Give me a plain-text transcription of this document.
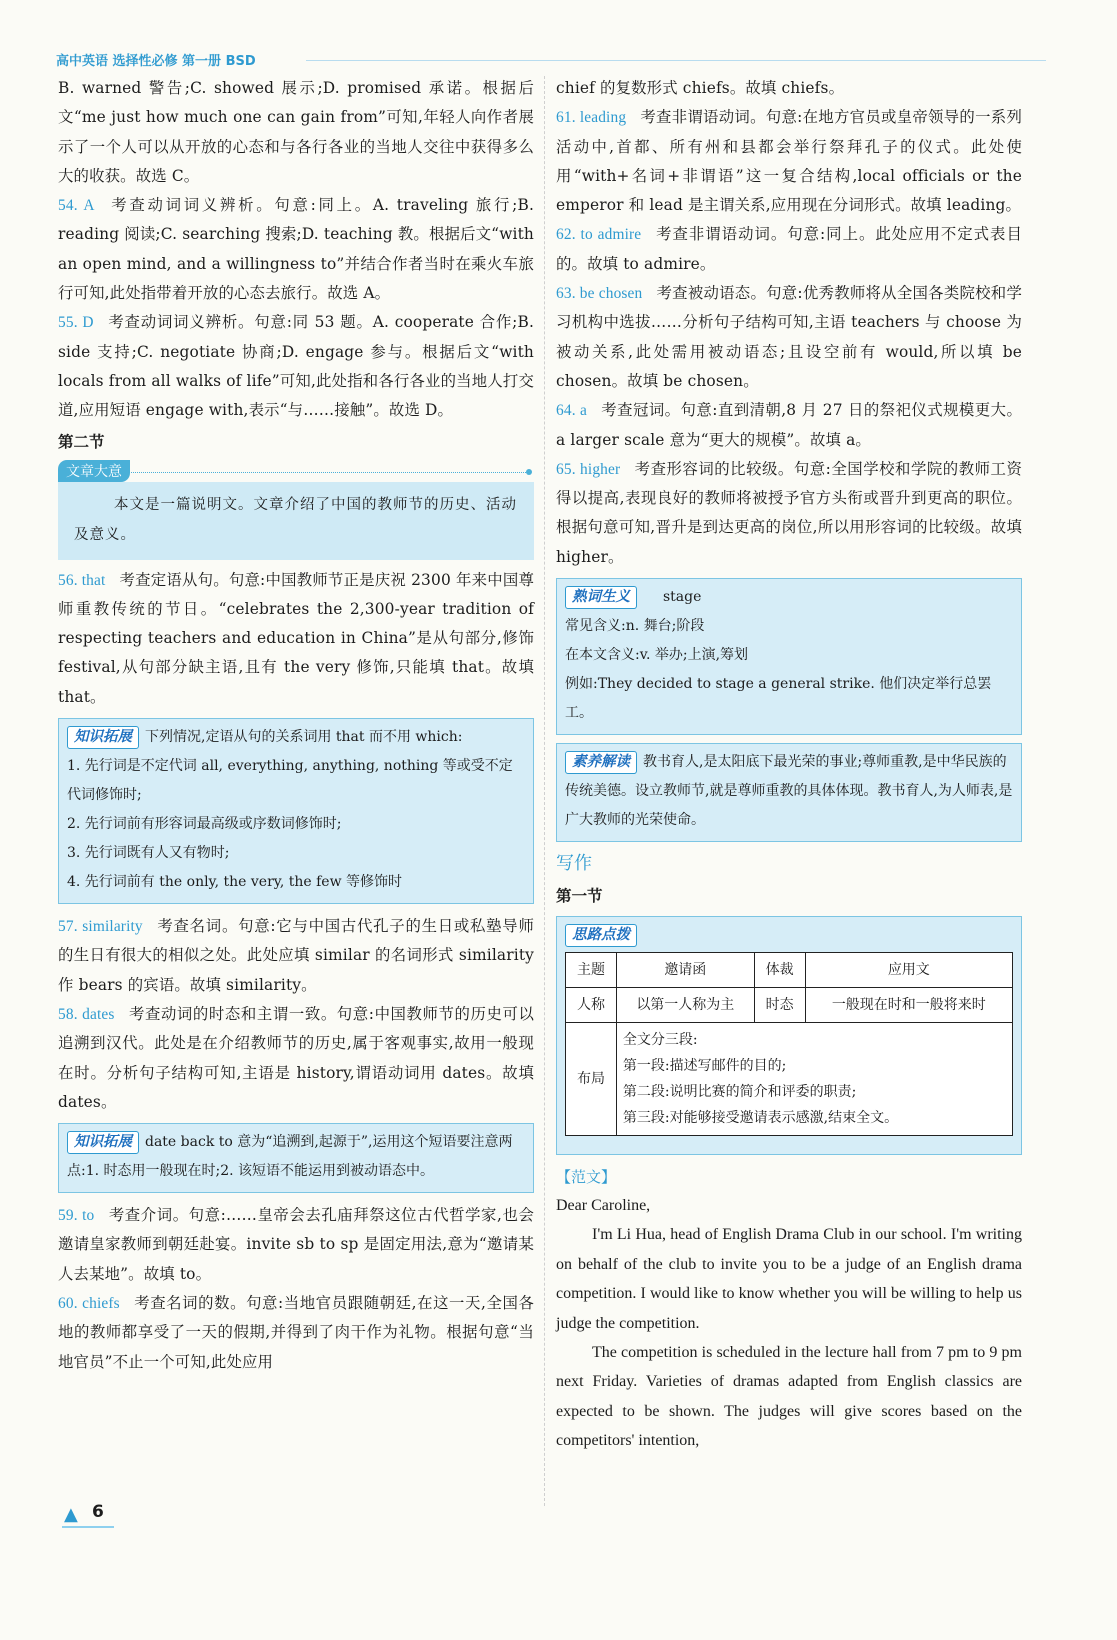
高中英语 选择性必修 第一册 BSD

B. warned 警告;C. showed 展示;D. promised 承诺。根据后文“me just how much one can gain from”可知,年轻人向作者展示了一个人可以从开放的心态和与各行各业的当地人交往中获得多么大的收获。故选 C。

54. A 考查动词词义辨析。句意:同上。A. traveling 旅行;B. reading 阅读;C. searching 搜索;D. teaching 教。根据后文“with an open mind, and a willingness to”并结合作者当时在乘火车旅行可知,此处指带着开放的心态去旅行。故选 A。

55. D 考查动词词义辨析。句意:同 53 题。A. cooperate 合作;B. side 支持;C. negotiate 协商;D. engage 参与。根据后文“with locals from all walks of life”可知,此处指和各行各业的当地人打交道,应用短语 engage with,表示“与……接触”。故选 D。

第二节
文章大意
本文是一篇说明文。文章介绍了中国的教师节的历史、活动及意义。

56. that 考查定语从句。句意:中国教师节正是庆祝 2300 年来中国尊师重教传统的节日。“celebrates the 2,300-year tradition of respecting teachers and education in China”是从句部分,修饰 festival,从句部分缺主语,且有 the very 修饰,只能填 that。故填 that。

知识拓展 下列情况,定语从句的关系词用 that 而不用 which:
1. 先行词是不定代词 all, everything, anything, nothing 等或受不定代词修饰时;
2. 先行词前有形容词最高级或序数词修饰时;
3. 先行词既有人又有物时;
4. 先行词前有 the only, the very, the few 等修饰时

57. similarity 考查名词。句意:它与中国古代孔子的生日或私塾导师的生日有很大的相似之处。此处应填 similar 的名词形式 similarity 作 bears 的宾语。故填 similarity。

58. dates 考查动词的时态和主谓一致。句意:中国教师节的历史可以追溯到汉代。此处是在介绍教师节的历史,属于客观事实,故用一般现在时。分析句子结构可知,主语是 history,谓语动词用 dates。故填 dates。

知识拓展 date back to 意为“追溯到,起源于”,运用这个短语要注意两点:1. 时态用一般现在时;2. 该短语不能运用到被动语态中。

59. to 考查介词。句意:……皇帝会去孔庙拜祭这位古代哲学家,也会邀请皇家教师到朝廷赴宴。invite sb to sp 是固定用法,意为“邀请某人去某地”。故填 to。

60. chiefs 考查名词的数。句意:当地官员跟随朝廷,在这一天,全国各地的教师都享受了一天的假期,并得到了肉干作为礼物。根据句意“当地官员”不止一个可知,此处应用

chief 的复数形式 chiefs。故填 chiefs。

61. leading 考查非谓语动词。句意:在地方官员或皇帝领导的一系列活动中,首都、所有州和县都会举行祭拜孔子的仪式。此处使用“with+名词+非谓语”这一复合结构,local officials or the emperor 和 lead 是主谓关系,应用现在分词形式。故填 leading。

62. to admire 考查非谓语动词。句意:同上。此处应用不定式表目的。故填 to admire。

63. be chosen 考查被动语态。句意:优秀教师将从全国各类院校和学习机构中选拔……分析句子结构可知,主语 teachers 与 choose 为被动关系,此处需用被动语态;且设空前有 would,所以填 be chosen。故填 be chosen。

64. a 考查冠词。句意:直到清朝,8 月 27 日的祭祀仪式规模更大。a larger scale 意为“更大的规模”。故填 a。

65. higher 考查形容词的比较级。句意:全国学校和学院的教师工资得以提高,表现良好的教师将被授予官方头衔或晋升到更高的职位。根据句意可知,晋升是到达更高的岗位,所以用形容词的比较级。故填 higher。

熟词生义 stage
常见含义:n. 舞台;阶段
在本文含义:v. 举办;上演,筹划
例如:They decided to stage a general strike. 他们决定举行总罢工。
素养解读 教书育人,是太阳底下最光荣的事业;尊师重教,是中华民族的传统美德。设立教师节,就是尊师重教的具体体现。教书育人,为人师表,是广大教师的光荣使命。
写作
第一节
思路点拨
主题	邀请函	体裁	应用文
人称	以第一人称为主	时态	一般现在时和一般将来时
布局	全文分三段:
第一段:描述写邮件的目的;
第二段:说明比赛的简介和评委的职责;
第三段:对能够接受邀请表示感激,结束全文。		
【范文】

Dear Caroline,

I'm Li Hua, head of English Drama Club in our school. I'm writing on behalf of the club to invite you to be a judge of an English drama competition. I would like to know whether you will be willing to help us judge the competition.

The competition is scheduled in the lecture hall from 7 pm to 9 pm next Friday. Varieties of dramas adapted from English classics are expected to be shown. The judges will give scores based on the competitors' intention,

▲ 6
